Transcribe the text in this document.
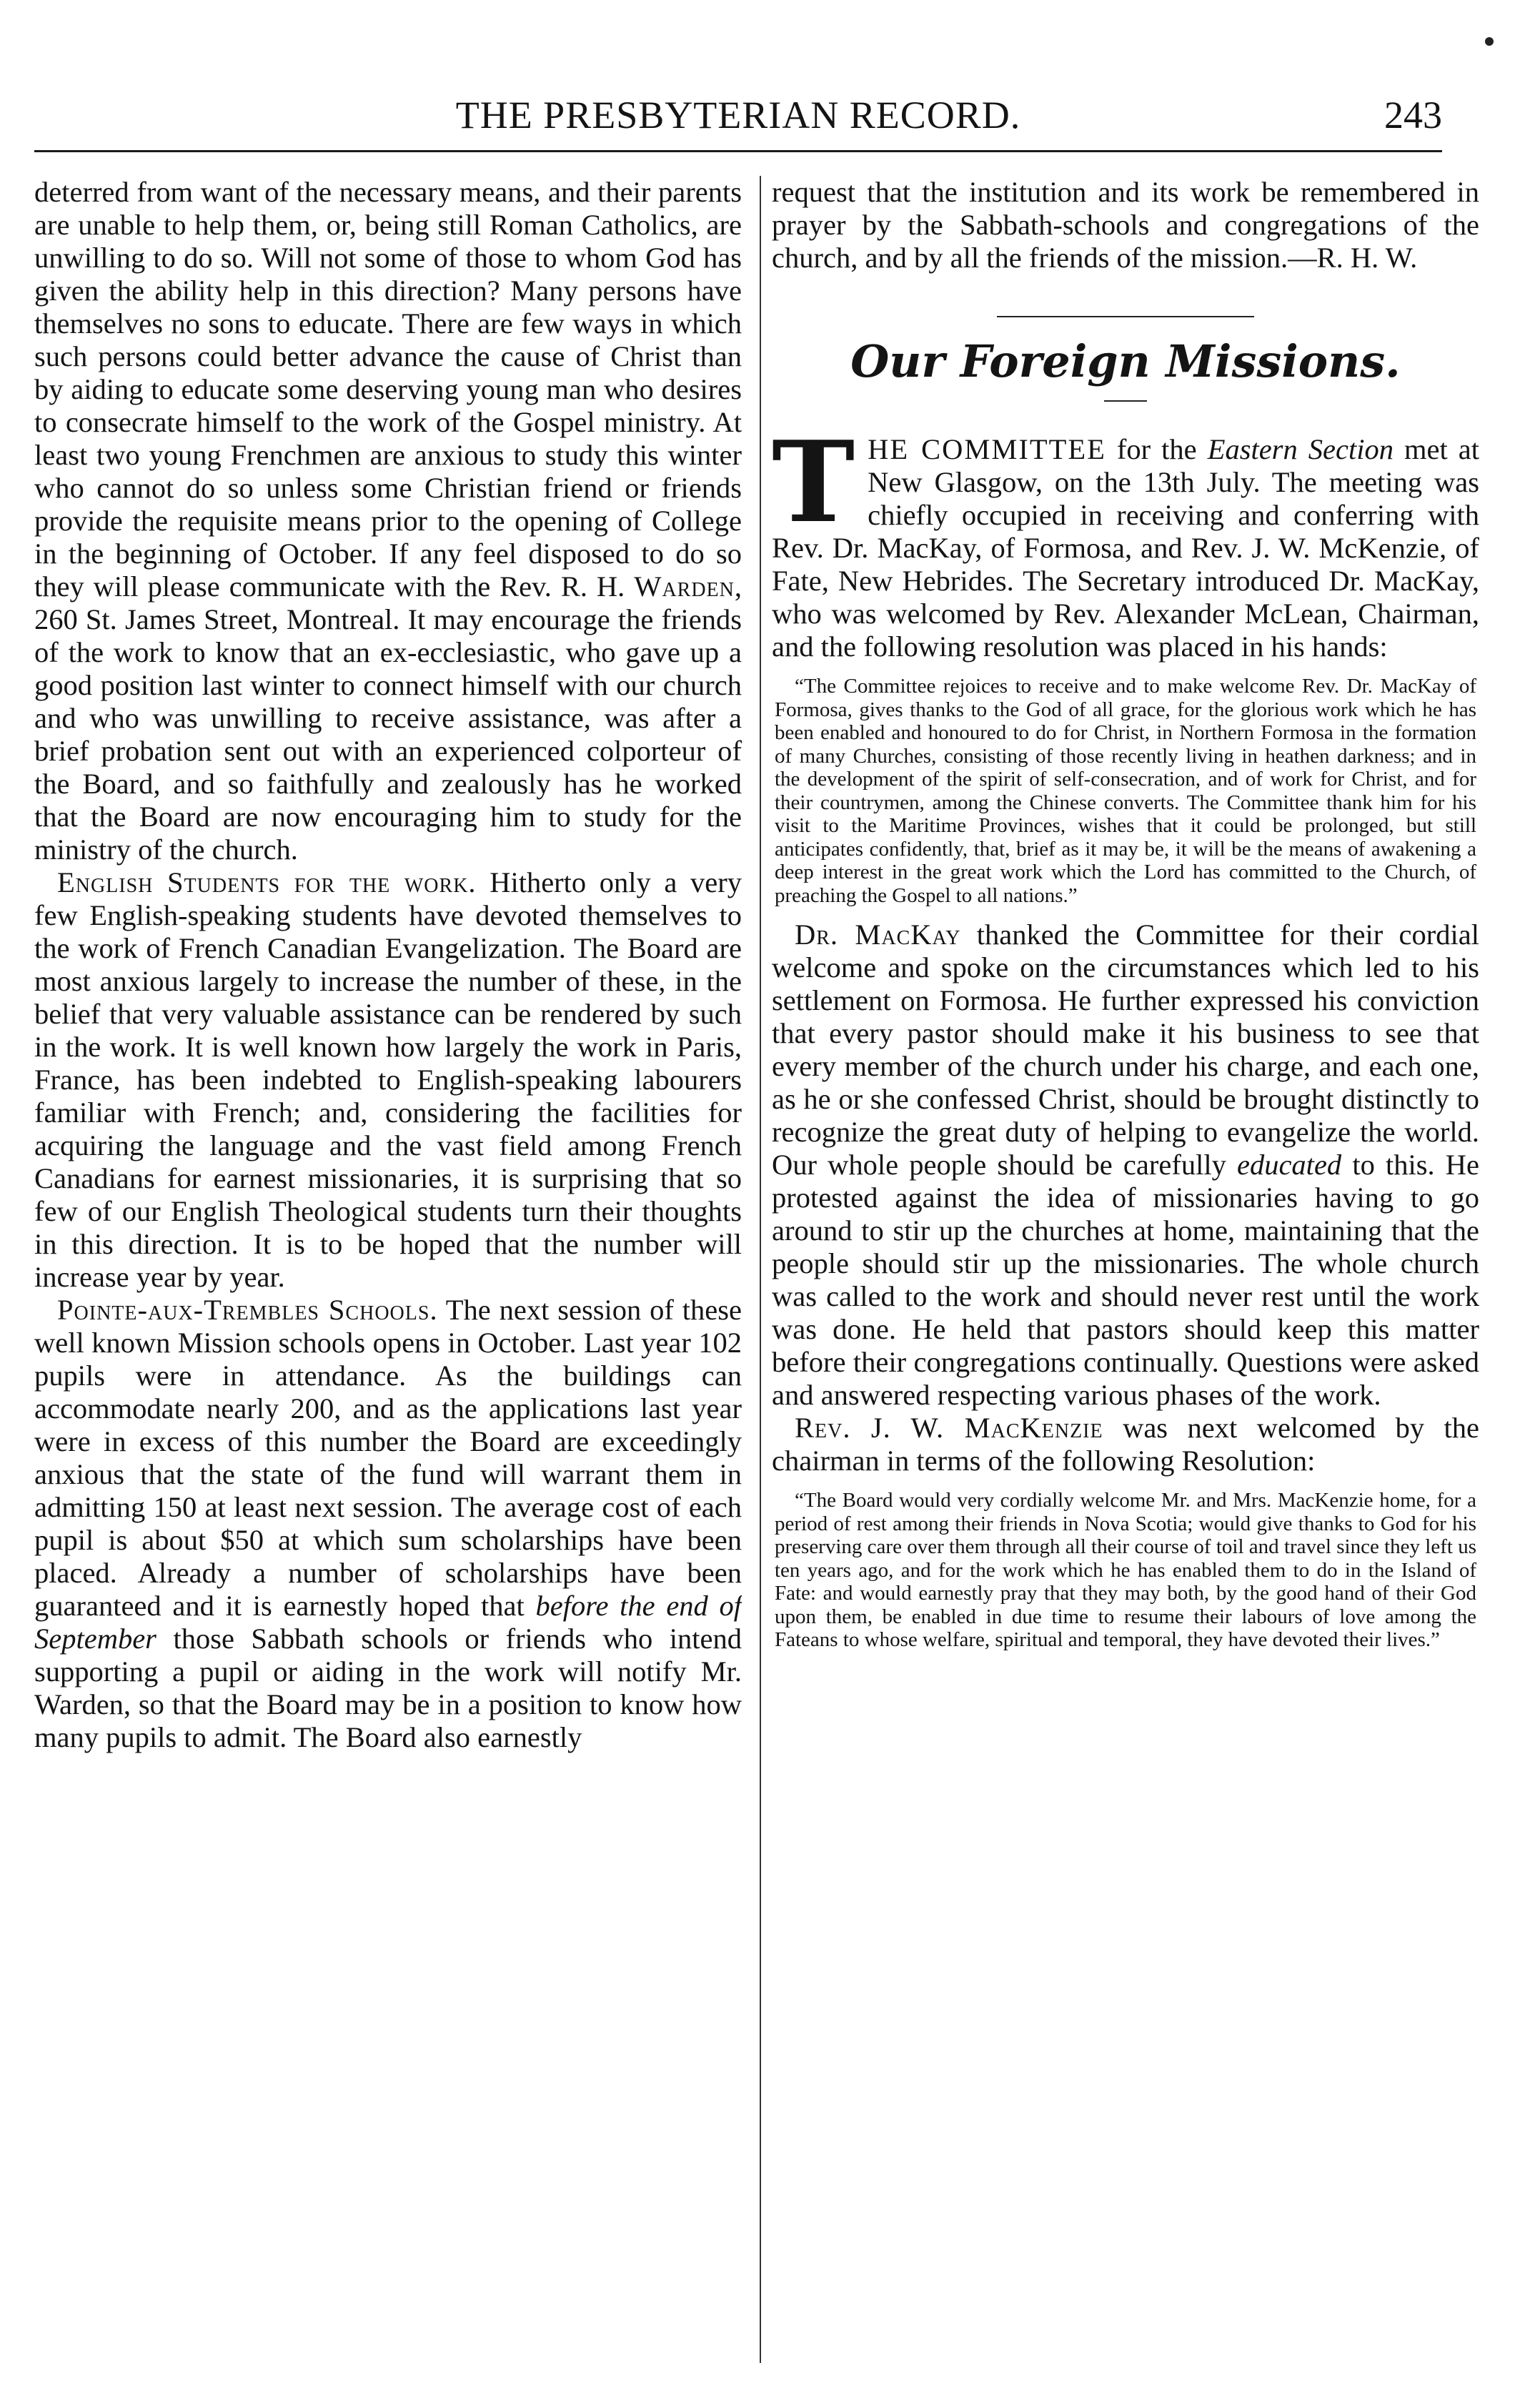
THE PRESBYTERIAN RECORD.	243

deterred from want of the necessary means, and their parents are unable to help them, or, being still Roman Catholics, are unwilling to do so. Will not some of those to whom God has given the ability help in this direction? Many persons have themselves no sons to educate. There are few ways in which such persons could better advance the cause of Christ than by aiding to educate some deserving young man who desires to consecrate himself to the work of the Gospel ministry. At least two young Frenchmen are anxious to study this winter who cannot do so unless some Christian friend or friends provide the requisite means prior to the opening of College in the beginning of October. If any feel disposed to do so they will please communicate with the Rev. R. H. Warden, 260 St. James Street, Montreal. It may encourage the friends of the work to know that an ex-ecclesiastic, who gave up a good position last winter to connect himself with our church and who was unwilling to receive assistance, was after a brief probation sent out with an experienced colporteur of the Board, and so faithfully and zealously has he worked that the Board are now encouraging him to study for the ministry of the church.

English Students for the work. Hitherto only a very few English-speaking students have devoted themselves to the work of French Canadian Evangelization. The Board are most anxious largely to increase the number of these, in the belief that very valuable assistance can be rendered by such in the work. It is well known how largely the work in Paris, France, has been indebted to English-speaking labourers familiar with French; and, considering the facilities for acquiring the language and the vast field among French Canadians for earnest missionaries, it is surprising that so few of our English Theological students turn their thoughts in this direction. It is to be hoped that the number will increase year by year.

Pointe-aux-Trembles Schools. The next session of these well known Mission schools opens in October. Last year 102 pupils were in attendance. As the buildings can accommodate nearly 200, and as the applications last year were in excess of this number the Board are exceedingly anxious that the state of the fund will warrant them in admitting 150 at least next session. The average cost of each pupil is about $50 at which sum scholarships have been placed. Already a number of scholarships have been guaranteed and it is earnestly hoped that before the end of September those Sabbath schools or friends who intend supporting a pupil or aiding in the work will notify Mr. Warden, so that the Board may be in a position to know how many pupils to admit. The Board also earnestly

request that the institution and its work be remembered in prayer by the Sabbath-schools and congregations of the church, and by all the friends of the mission.—R. H. W.

Our Foreign Missions.

THE COMMITTEE for the Eastern Section met at New Glasgow, on the 13th July. The meeting was chiefly occupied in receiving and conferring with Rev. Dr. MacKay, of Formosa, and Rev. J. W. McKenzie, of Fate, New Hebrides. The Secretary introduced Dr. MacKay, who was welcomed by Rev. Alexander McLean, Chairman, and the following resolution was placed in his hands:

“The Committee rejoices to receive and to make welcome Rev. Dr. MacKay of Formosa, gives thanks to the God of all grace, for the glorious work which he has been enabled and honoured to do for Christ, in Northern Formosa in the formation of many Churches, consisting of those recently living in heathen darkness; and in the development of the spirit of self-consecration, and of work for Christ, and for their countrymen, among the Chinese converts. The Committee thank him for his visit to the Maritime Provinces, wishes that it could be prolonged, but still anticipates confidently, that, brief as it may be, it will be the means of awakening a deep interest in the great work which the Lord has committed to the Church, of preaching the Gospel to all nations.”

Dr. MacKay thanked the Committee for their cordial welcome and spoke on the circumstances which led to his settlement on Formosa. He further expressed his conviction that every pastor should make it his business to see that every member of the church under his charge, and each one, as he or she confessed Christ, should be brought distinctly to recognize the great duty of helping to evangelize the world. Our whole people should be carefully educated to this. He protested against the idea of missionaries having to go around to stir up the churches at home, maintaining that the people should stir up the missionaries. The whole church was called to the work and should never rest until the work was done. He held that pastors should keep this matter before their congregations continually. Questions were asked and answered respecting various phases of the work.

Rev. J. W. MacKenzie was next welcomed by the chairman in terms of the following Resolution:

“The Board would very cordially welcome Mr. and Mrs. MacKenzie home, for a period of rest among their friends in Nova Scotia; would give thanks to God for his preserving care over them through all their course of toil and travel since they left us ten years ago, and for the work which he has enabled them to do in the Island of Fate: and would earnestly pray that they may both, by the good hand of their God upon them, be enabled in due time to resume their labours of love among the Fateans to whose welfare, spiritual and temporal, they have devoted their lives.”
